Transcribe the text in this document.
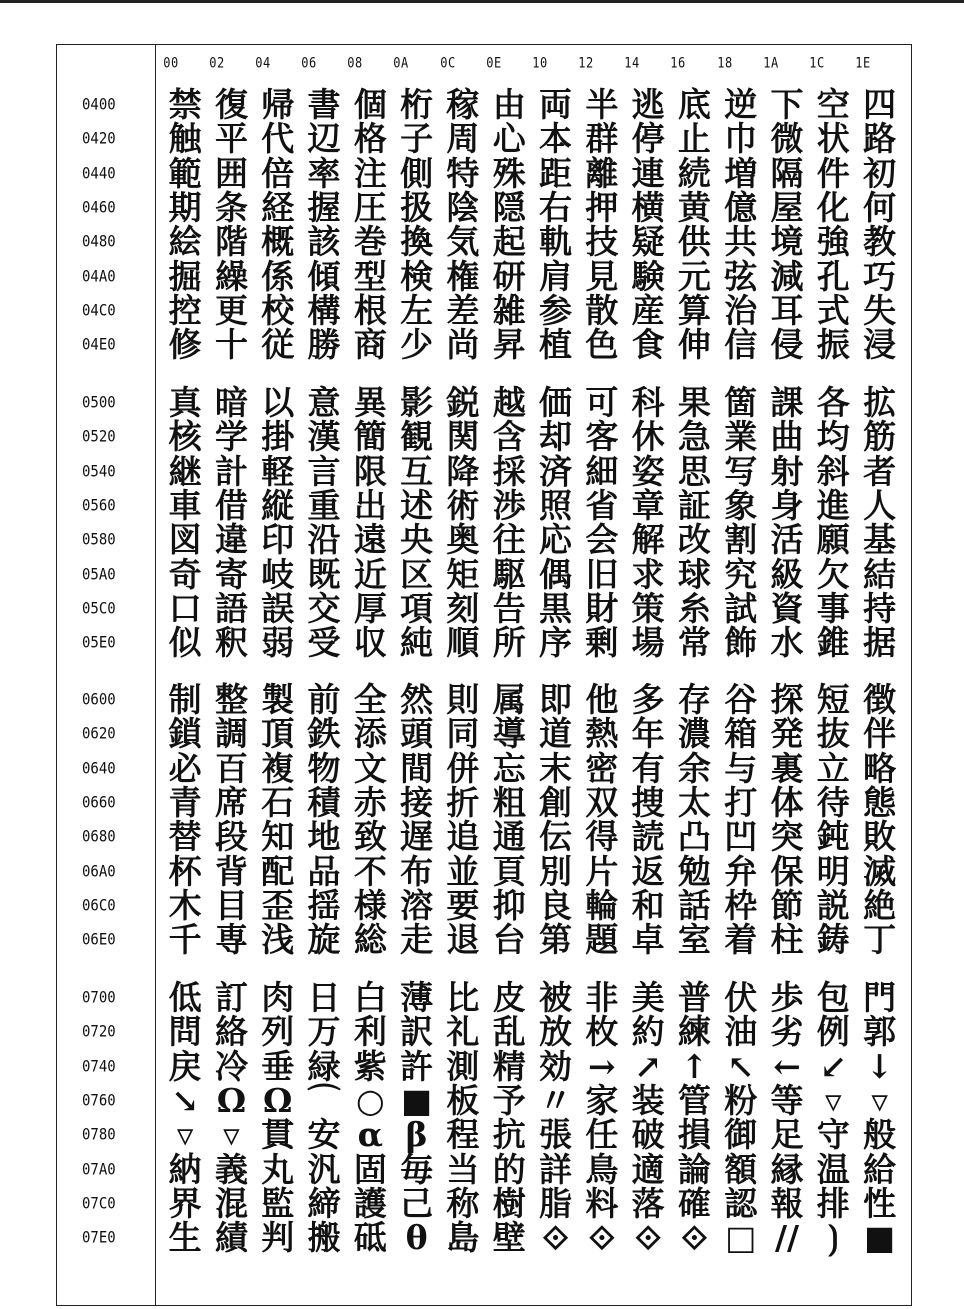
00	02	04	06	08	0A	0C	0E	10	12	14	16	18	1A	1C	1E
0400	禁 復 帰 書 個 桁 稼 由 両 半 逃 底 逆 下 空 四
0420	触 平 代 辺 格 子 周 心 本 群 停 止 巾 微 状 路
0440	範 囲 倍 率 注 側 特 殊 距 離 連 続 増 隔 件 初
0460	期 条 経 握 圧 扱 陰 隠 右 押 横 黄 億 屋 化 何
0480	絵 階 概 該 巻 換 気 起 軌 技 疑 供 共 境 強 教
04A0	掘 繰 係 傾 型 検 権 研 肩 見 験 元 弦 減 孔 巧
04C0	控 更 校 構 根 左 差 雑 参 散 産 算 治 耳 式 失
04E0	修 十 従 勝 商 少 尚 昇 植 色 食 伸 信 侵 振 浸
0500	真 暗 以 意 異 影 鋭 越 価 可 科 果 箇 課 各 拡
0520	核 学 掛 漢 簡 観 関 含 却 客 休 急 業 曲 均 筋
0540	継 計 軽 言 限 互 降 採 済 細 姿 思 写 射 斜 者
0560	車 借 縦 重 出 述 術 渉 照 省 章 証 象 身 進 人
0580	図 違 印 沿 遠 央 奥 往 応 会 解 改 割 活 願 基
05A0	奇 寄 岐 既 近 区 矩 駆 偶 旧 求 球 究 級 欠 結
05C0	口 語 誤 交 厚 項 刻 告 黒 財 策 糸 試 資 事 持
05E0	似 釈 弱 受 収 純 順 所 序 剰 場 常 飾 水 錐 据
0600	制 整 製 前 全 然 則 属 即 他 多 存 谷 探 短 徴
0620	鎖 調 頂 鉄 添 頭 同 導 道 熱 年 濃 箱 発 抜 伴
0640	必 百 複 物 文 間 併 忘 末 密 有 余 与 裏 立 略
0660	青 席 石 積 赤 接 折 粗 創 双 捜 太 打 体 待 態
0680	替 段 知 地 致 遅 追 通 伝 得 読 凸 凹 突 鈍 敗
06A0	杯 背 配 品 不 布 並 頁 別 片 返 勉 弁 保 明 滅
06C0	木 目 歪 揺 様 溶 要 抑 良 輪 和 話 枠 節 説 絶
06E0	千 専 浅 旋 総 走 退 台 第 題 卓 室 着 柱 鋳 丁
0700	低 訂 肉 日 白 薄 比 皮 被 非 美 普 伏 歩 包 門
0720	問 絡 列 万 利 訳 礼 乱 放 枚 約 練 油 劣 例 郭
0740	戻 冷 垂 緑 紫 許 測 精 効 → ↗ ↑ ↖ ← ↙ ↓
0760	↘ Ω Ω ⌒ ○ ■ 板 予 〃 家 装 管 粉 等 ▿ ▿
0780	▿ ▿ 貫 安 α β 程 抗 張 任 破 損 御 足 守 般
07A0	納 義 丸 汎 固 毎 当 的 詳 鳥 適 論 額 縁 温 給
07C0	界 混 監 締 護 己 称 樹 脂 料 落 確 認 報 排 性
07E0	生 績 判 搬 砥 θ 島 壁 ⟐ ⟐ ⟐ ⟐ □ // ⟯ ■
